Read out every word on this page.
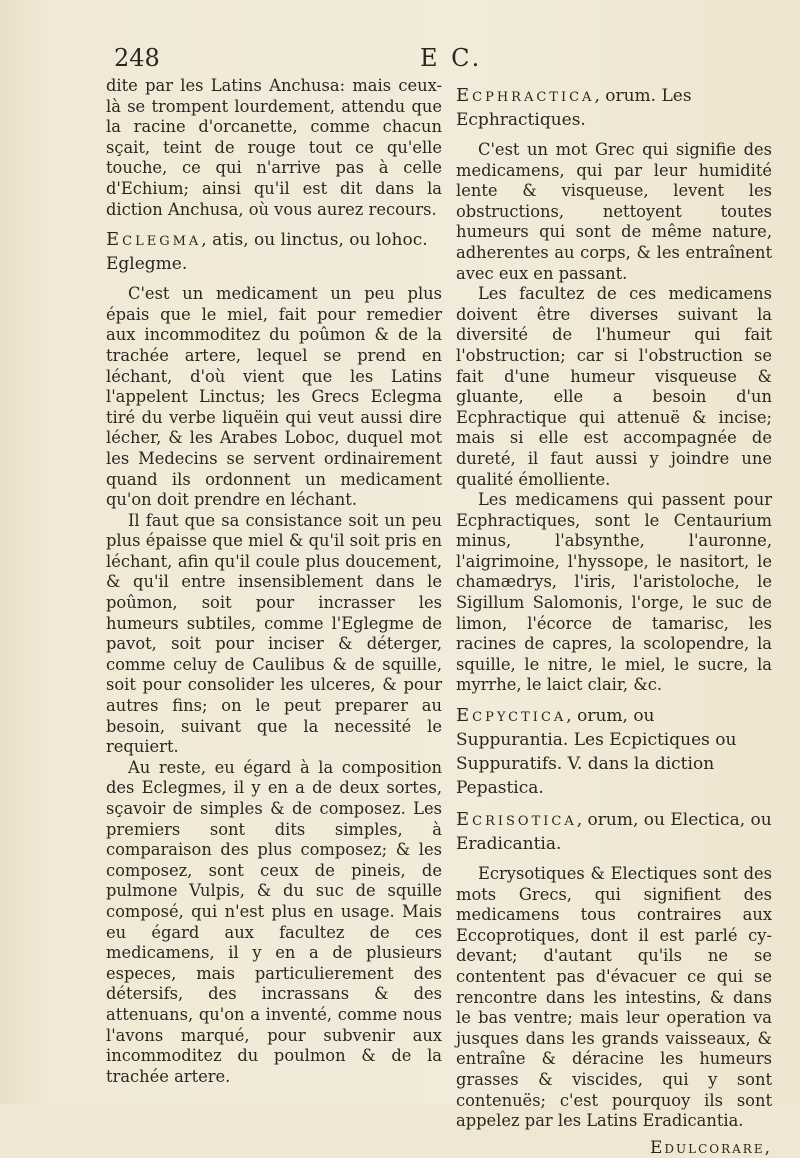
248	E C.

dite par les Latins Anchusa: mais ceux-là se trompent lourdement, attendu que la racine d'orcanette, comme chacun sçait, teint de rouge tout ce qu'elle touche, ce qui n'arrive pas à celle d'Echium; ainsi qu'il est dit dans la diction Anchusa, où vous aurez recours.

Eclegma, atis, ou linctus, ou lohoc. Eglegme.

C'est un medicament un peu plus épais que le miel, fait pour remedier aux incommoditez du poûmon & de la trachée artere, lequel se prend en léchant, d'où vient que les Latins l'appelent Linctus; les Grecs Eclegma tiré du verbe liquëin qui veut aussi dire lécher, & les Arabes Loboc, duquel mot les Medecins se servent ordinairement quand ils ordonnent un medicament qu'on doit prendre en léchant.

Il faut que sa consistance soit un peu plus épaisse que miel & qu'il soit pris en léchant, afin qu'il coule plus doucement, & qu'il entre insensiblement dans le poûmon, soit pour incrasser les humeurs subtiles, comme l'Eglegme de pavot, soit pour inciser & déterger, comme celuy de Caulibus & de squille, soit pour consolider les ulceres, & pour autres fins; on le peut preparer au besoin, suivant que la necessité le requiert.

Au reste, eu égard à la composition des Eclegmes, il y en a de deux sortes, sçavoir de simples & de composez. Les premiers sont dits simples, à comparaison des plus composez; & les composez, sont ceux de pineis, de pulmone Vulpis, & du suc de squille composé, qui n'est plus en usage. Mais eu égard aux facultez de ces medicamens, il y en a de plusieurs especes, mais particulierement des détersifs, des incrassans & des attenuans, qu'on a inventé, comme nous l'avons marqué, pour subvenir aux incommoditez du poulmon & de la trachée artere.

Ecphractica, orum. Les Ecphractiques.

C'est un mot Grec qui signifie des medicamens, qui par leur humidité lente & visqueuse, levent les obstructions, nettoyent toutes humeurs qui sont de même nature, adherentes au corps, & les entraînent avec eux en passant.

Les facultez de ces medicamens doivent être diverses suivant la diversité de l'humeur qui fait l'obstruction; car si l'obstruction se fait d'une humeur visqueuse & gluante, elle a besoin d'un Ecphractique qui attenuë & incise; mais si elle est accompagnée de dureté, il faut aussi y joindre une qualité émolliente.

Les medicamens qui passent pour Ecphractiques, sont le Centaurium minus, l'absynthe, l'auronne, l'aigrimoine, l'hyssope, le nasitort, le chamædrys, l'iris, l'aristoloche, le Sigillum Salomonis, l'orge, le suc de limon, l'écorce de tamarisc, les racines de capres, la scolopendre, la squille, le nitre, le miel, le sucre, la myrrhe, le laict clair, &c.

Ecpyctica, orum, ou Suppurantia. Les Ecpictiques ou Suppuratifs. V. dans la diction Pepastica.
Ecrisotica, orum, ou Electica, ou Eradicantia.

Ecrysotiques & Electiques sont des mots Grecs, qui signifient des medicamens tous contraires aux Eccoprotiques, dont il est parlé cy-devant; d'autant qu'ils ne se contentent pas d'évacuer ce qui se rencontre dans les intestins, & dans le bas ventre; mais leur operation va jusques dans les grands vaisseaux, & entraîne & déracine les humeurs grasses & viscides, qui y sont contenuës; c'est pourquoy ils sont appelez par les Latins Eradicantia.

Edulcorare,
